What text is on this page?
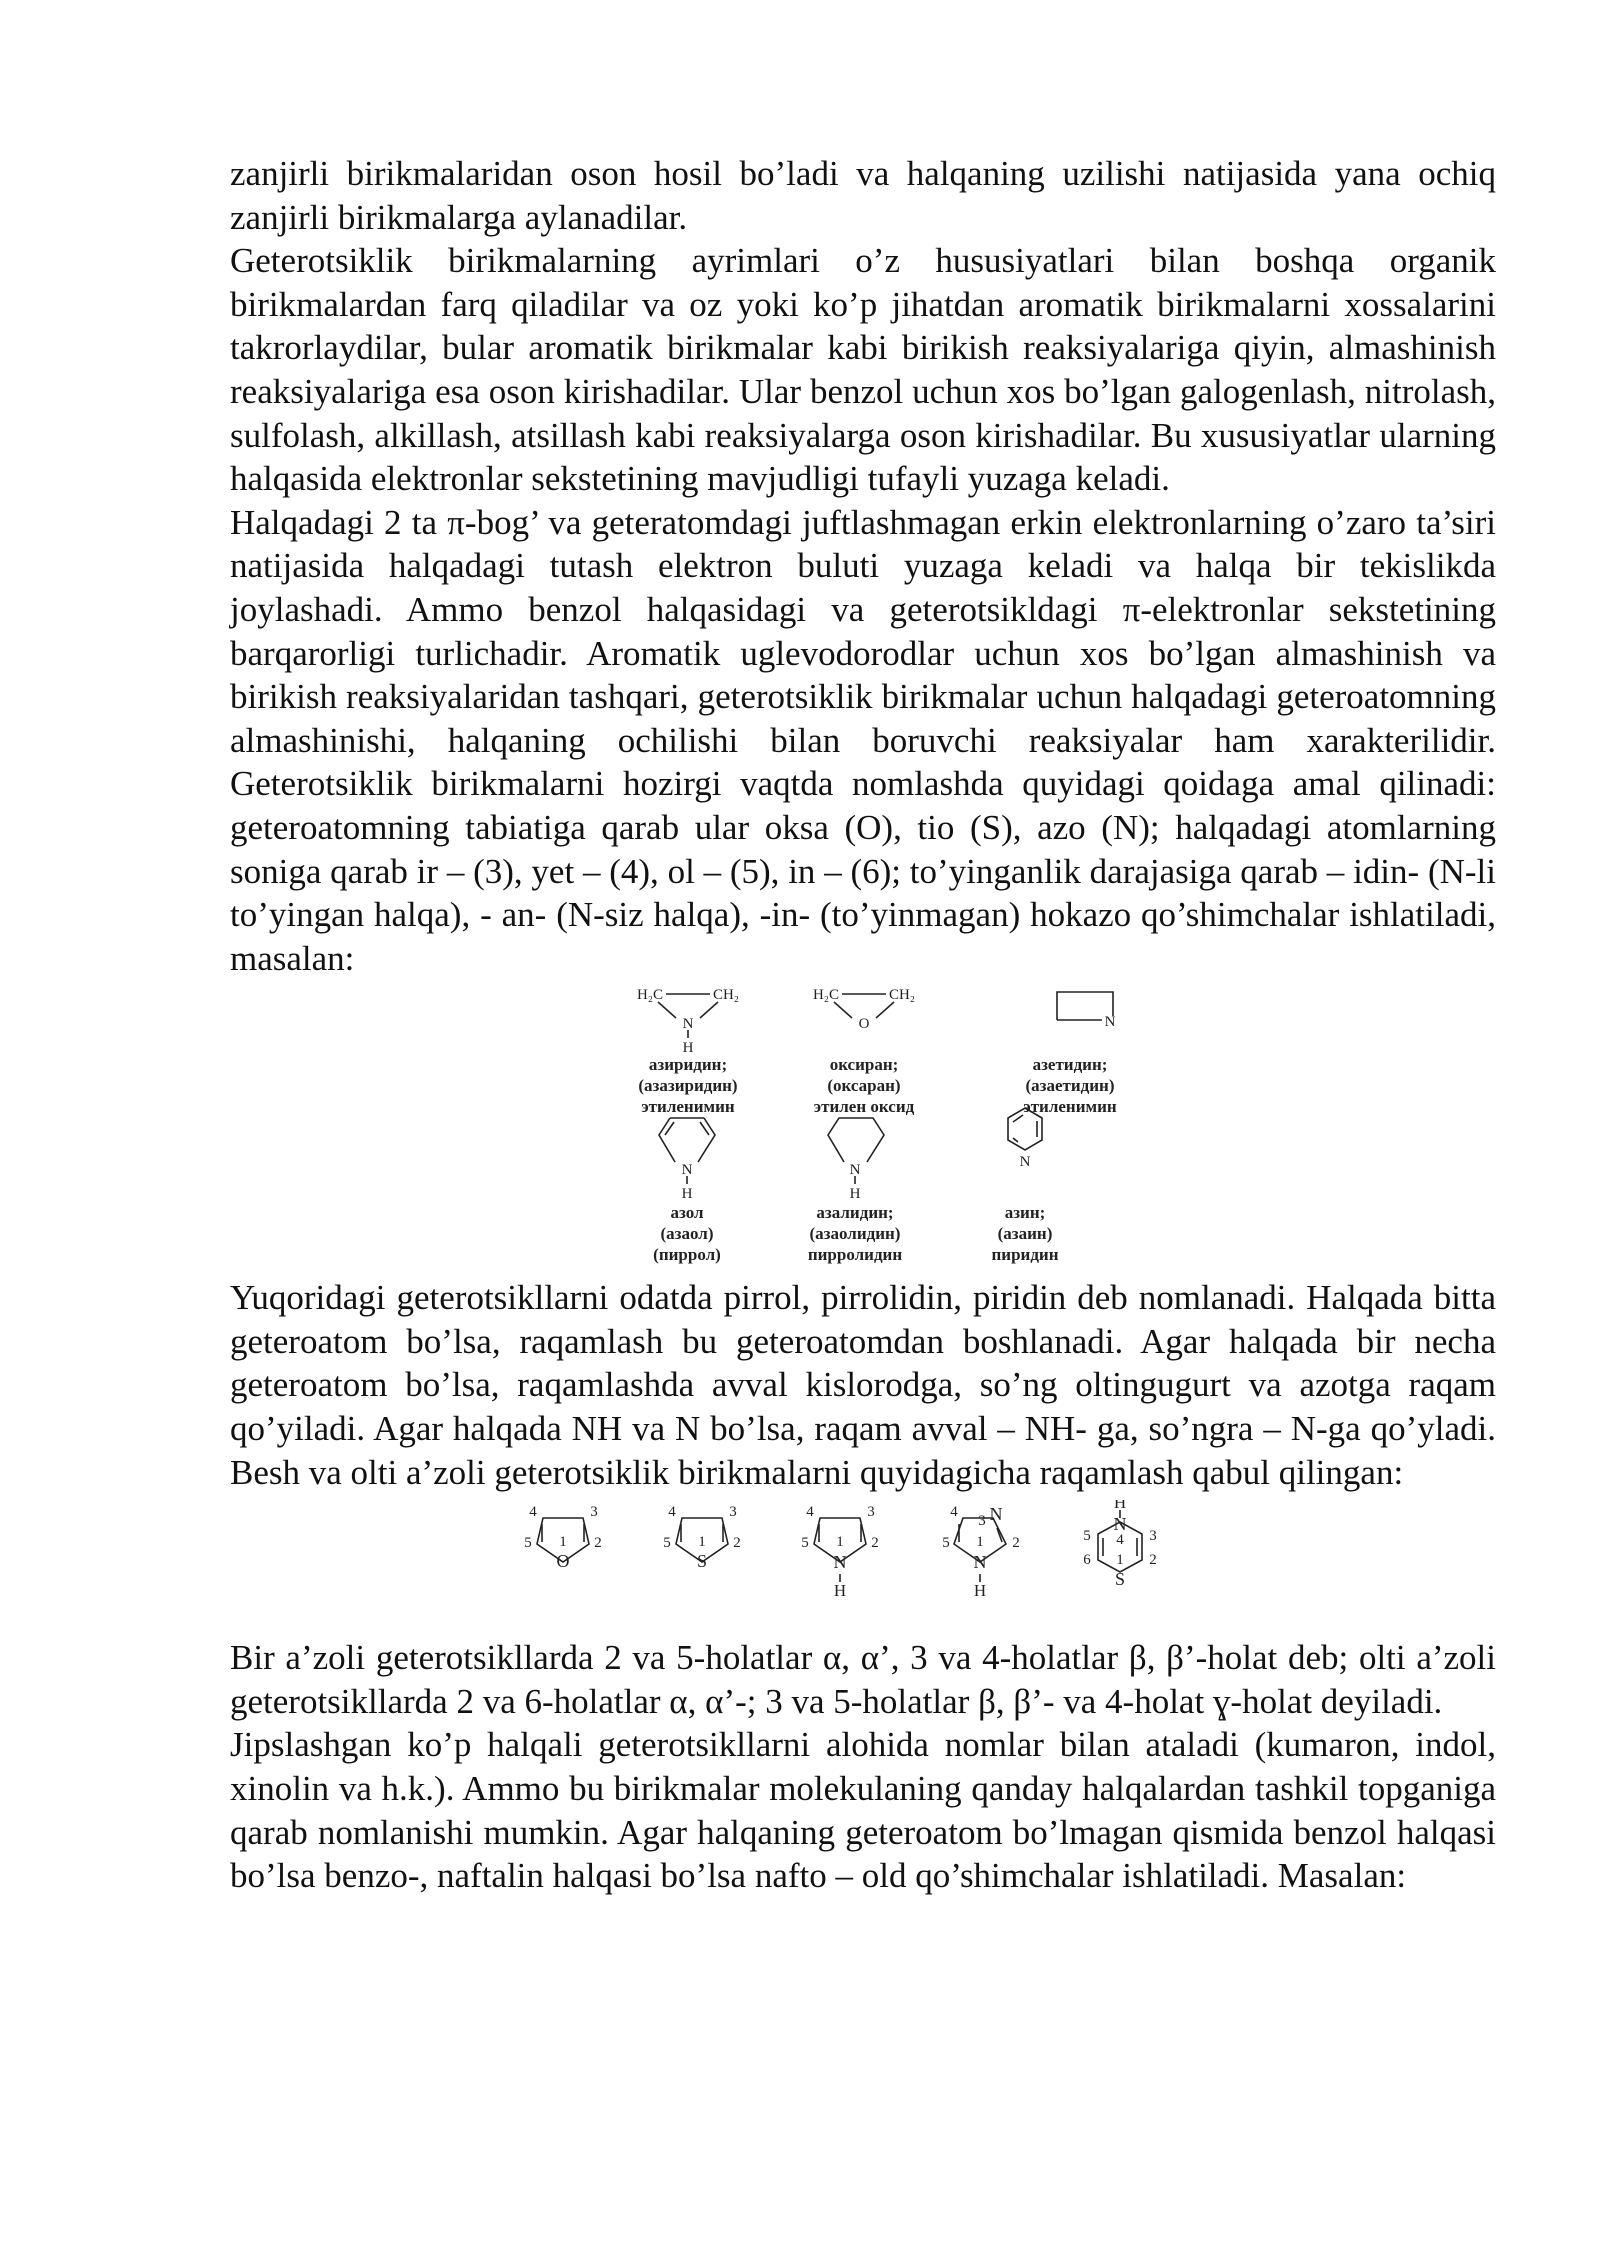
zanjirli birikmalaridan oson hosil bo’ladi va halqaning uzilishi natijasida yana ochiq zanjirli birikmalarga aylanadilar.

Geterotsiklik birikmalarning ayrimlari o’z hususiyatlari bilan boshqa organik birikmalardan farq qiladilar va oz yoki ko’p jihatdan aromatik birikmalarni xossalarini takrorlaydilar, bular aromatik birikmalar kabi birikish reaksiyalariga qiyin, almashinish reaksiyalariga esa oson kirishadilar. Ular benzol uchun xos bo’lgan galogenlash, nitrolash, sulfolash, alkillash, atsillash kabi reaksiyalarga oson kirishadilar. Bu xususiyatlar ularning halqasida elektronlar sekstetining mavjudligi tufayli yuzaga keladi.

Halqadagi 2 ta π-bog’ va geteratomdagi juftlashmagan erkin elektronlarning o’zaro ta’siri natijasida halqadagi tutash elektron buluti yuzaga keladi va halqa bir tekislikda joylashadi. Ammo benzol halqasidagi va geterotsikldagi π-elektronlar sekstetining barqarorligi turlichadir. Aromatik uglevodorodlar uchun xos bo’lgan almashinish va birikish reaksiyalaridan tashqari, geterotsiklik birikmalar uchun halqadagi geteroatomning almashinishi, halqaning ochilishi bilan boruvchi reaksiyalar ham xarakterilidir. Geterotsiklik birikmalarni hozirgi vaqtda nomlashda quyidagi qoidaga amal qilinadi: geteroatomning tabiatiga qarab ular oksa (O), tio (S), azo (N); halqadagi atomlarning soniga qarab ir – (3), yet – (4), ol – (5), in – (6); to’yinganlik darajasiga qarab – idin- (N-li to’yingan halqa), - an- (N-siz halqa), -in- (to’yinmagan) hokazo qo’shimchalar ishlatiladi, masalan:

H₂C	CH₂
N
H
H₂C	CH₂
O	N
N
H
N
H
N
азиридин;
(азазиридин)
этиленимин
оксиран;
(оксаран)
этилен оксид
азетидин;
(азаетидин)
этиленимин
азол
(азаол)
(пиррол)
азалидин;
(азаолидин)
пирролидин
азин;
(азаин)
пиридин

Yuqoridagi geterotsikllarni odatda pirrol, pirrolidin, piridin deb nomlanadi. Halqada bitta geteroatom bo’lsa, raqamlash bu geteroatomdan boshlanadi. Agar halqada bir necha geteroatom bo’lsa, raqamlashda avval kislorodga, so’ng oltingugurt va azotga raqam qo’yiladi. Agar halqada NH va N bo’lsa, raqam avval – NH- ga, so’ngra – N-ga qo’yladi. Besh va olti a’zoli geterotsiklik birikmalarni quyidagicha raqamlash qabul qilingan:

4	3
5 1 2
O
4	3
5 1 2
S
4	3
5 1 2
N
H
4
3 N
5 1 2
N
H
H
N
4 3
5
6 1 2
S

Bir a’zoli geterotsikllarda 2 va 5-holatlar α, α’, 3 va 4-holatlar β, β’-holat deb; olti a’zoli geterotsikllarda 2 va 6-holatlar α, α’-; 3 va 5-holatlar β, β’- va 4-holat ɣ-holat deyiladi.

Jipslashgan ko’p halqali geterotsikllarni alohida nomlar bilan ataladi (kumaron, indol, xinolin va h.k.). Ammo bu birikmalar molekulaning qanday halqalardan tashkil topganiga qarab nomlanishi mumkin. Agar halqaning geteroatom bo’lmagan qismida benzol halqasi bo’lsa benzo-, naftalin halqasi bo’lsa nafto – old qo’shimchalar ishlatiladi. Masalan:
